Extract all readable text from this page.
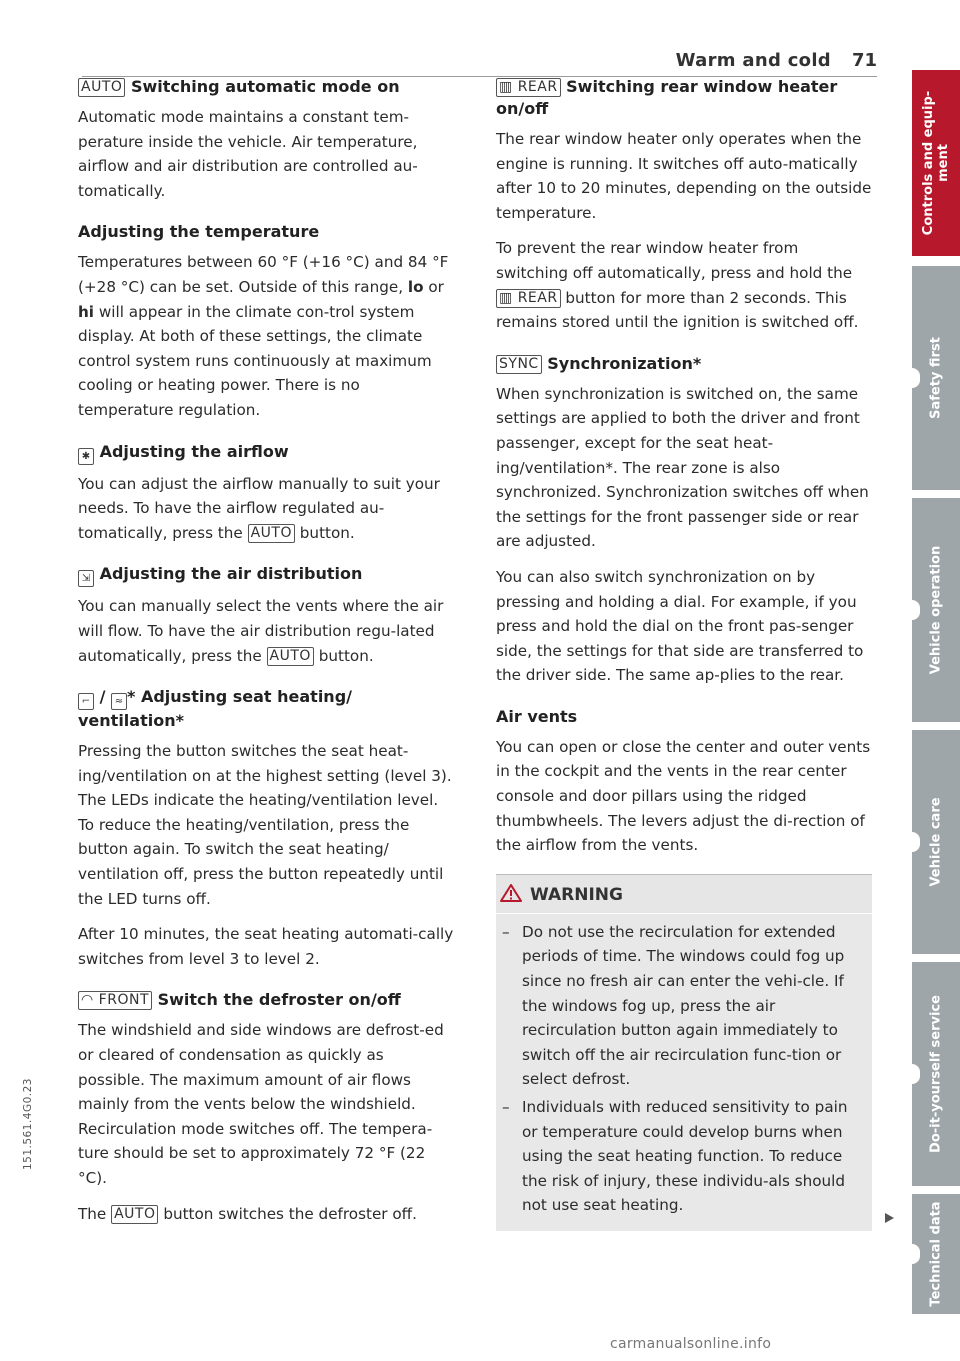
Warm and cold 71
AUTO Switching automatic mode on

Automatic mode maintains a constant tem-perature inside the vehicle. Air temperature, airflow and air distribution are controlled au-tomatically.

Adjusting the temperature

Temperatures between 60 °F (+16 °C) and 84 °F (+28 °C) can be set. Outside of this range, lo or hi will appear in the climate con-trol system display. At both of these settings, the climate control system runs continuously at maximum cooling or heating power. There is no temperature regulation.

✱ Adjusting the airflow

You can adjust the airflow manually to suit your needs. To have the airflow regulated au-tomatically, press the AUTO button.

⇲ Adjusting the air distribution

You can manually select the vents where the air will flow. To have the air distribution regu-lated automatically, press the AUTO button.

⌐ / ≈ * Adjusting seat heating/ ventilation*

Pressing the button switches the seat heat-ing/ventilation on at the highest setting (level 3). The LEDs indicate the heating/ventilation level. To reduce the heating/ventilation, press the button again. To switch the seat heating/ ventilation off, press the button repeatedly until the LED turns off.

After 10 minutes, the seat heating automati-cally switches from level 3 to level 2.

◠ FRONT Switch the defroster on/off

The windshield and side windows are defrost-ed or cleared of condensation as quickly as possible. The maximum amount of air flows mainly from the vents below the windshield. Recirculation mode switches off. The tempera-ture should be set to approximately 72 °F (22 °C).

The AUTO button switches the defroster off.

▥ REAR Switching rear window heater on/off

The rear window heater only operates when the engine is running. It switches off auto-matically after 10 to 20 minutes, depending on the outside temperature.

To prevent the rear window heater from switching off automatically, press and hold the ▥ REAR button for more than 2 seconds. This remains stored until the ignition is switched off.

SYNC Synchronization*

When synchronization is switched on, the same settings are applied to both the driver and front passenger, except for the seat heat-ing/ventilation*. The rear zone is also synchronized. Synchronization switches off when the settings for the front passenger side or rear are adjusted.

You can also switch synchronization on by pressing and holding a dial. For example, if you press and hold the dial on the front pas-senger side, the settings for that side are transferred to the driver side. The same ap-plies to the rear.

Air vents

You can open or close the center and outer vents in the cockpit and the vents in the rear center console and door pillars using the ridged thumbwheels. The levers adjust the di-rection of the airflow from the vents.

WARNING
– Do not use the recirculation for extended periods of time. The windows could fog up since no fresh air can enter the vehi-cle. If the windows fog up, press the air recirculation button again immediately to switch off the air recirculation func-tion or select defrost.
– Individuals with reduced sensitivity to pain or temperature could develop burns when using the seat heating function. To reduce the risk of injury, these individu-als should not use seat heating.
Controls and equip-ment
Safety first
Vehicle operation
Vehicle care
Do-it-yourself service
Technical data
151.561.4G0.23
carmanualsonline.info
